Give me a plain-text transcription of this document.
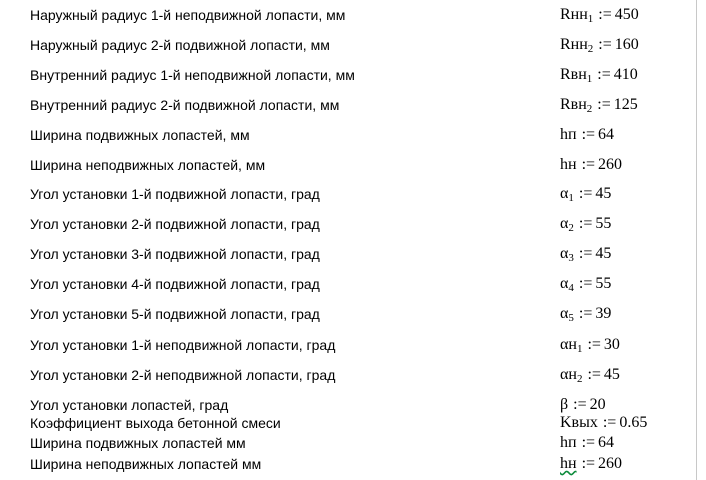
Наружный радиус 1-й неподвижной лопасти, мм	Rнн$_1$ := 450
Наружный радиус 2-й подвижной лопасти, мм	Rнн$_2$ := 160
Внутренний радиус 1-й неподвижной лопасти, мм	Rвн$_1$ := 410
Внутренний радиус 2-й подвижной лопасти, мм	Rвн$_2$ := 125
Ширина подвижных лопастей, мм	hп := 64
Ширина неподвижных лопастей, мм	hн := 260
Угол установки 1-й подвижной лопасти, град	$\alpha_1$ := 45
Угол установки 2-й подвижной лопасти, град	$\alpha_2$ := 55
Угол установки 3-й подвижной лопасти, град	$\alpha_3$ := 45
Угол установки 4-й подвижной лопасти, град	$\alpha_4$ := 55
Угол установки 5-й подвижной лопасти, град	$\alpha_5$ := 39
Угол установки 1-й неподвижной лопасти, град	$\alpha н_1$ := 30
Угол установки 2-й неподвижной лопасти, град	$\alpha н_2$ := 45
Угол установки лопастей, град	β := 20
Коэффициент выхода бетонной смеси	Kвых := 0.65
Ширина подвижных лопастей мм	hп := 64
Ширина неподвижных лопастей мм	hн := 260
